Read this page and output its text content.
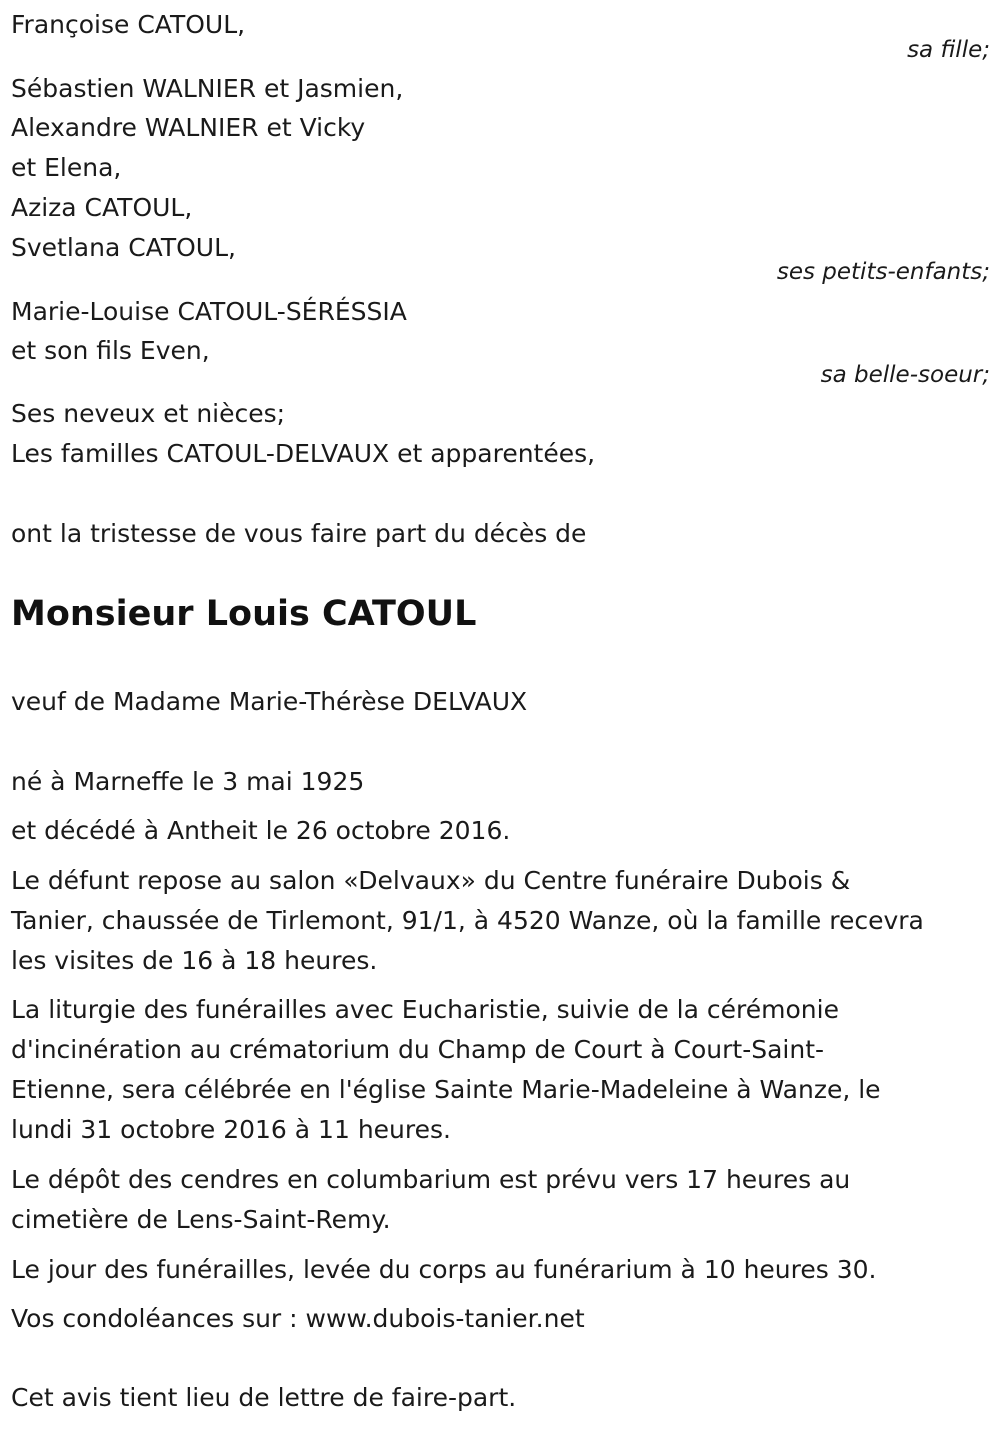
Françoise CATOUL,
sa fille;
Sébastien WALNIER et Jasmien,
Alexandre WALNIER et Vicky
et Elena,
Aziza CATOUL,
Svetlana CATOUL,
ses petits-enfants;
Marie-Louise CATOUL-SÉRÉSSIA
et son fils Even,
sa belle-soeur;
Ses neveux et nièces;
Les familles CATOUL-DELVAUX et apparentées,
ont la tristesse de vous faire part du décès de
Monsieur Louis CATOUL
veuf de Madame Marie-Thérèse DELVAUX
né à Marneffe le 3 mai 1925
et décédé à Antheit le 26 octobre 2016.
Le défunt repose au salon «Delvaux» du Centre funéraire Dubois &
Tanier, chaussée de Tirlemont, 91/1, à 4520 Wanze, où la famille recevra
les visites de 16 à 18 heures.
La liturgie des funérailles avec Eucharistie, suivie de la cérémonie
d'incinération au crématorium du Champ de Court à Court-Saint-
Etienne, sera célébrée en l'église Sainte Marie-Madeleine à Wanze, le
lundi 31 octobre 2016 à 11 heures.
Le dépôt des cendres en columbarium est prévu vers 17 heures au
cimetière de Lens-Saint-Remy.
Le jour des funérailles, levée du corps au funérarium à 10 heures 30.
Vos condoléances sur : www.dubois-tanier.net
Cet avis tient lieu de lettre de faire-part.
